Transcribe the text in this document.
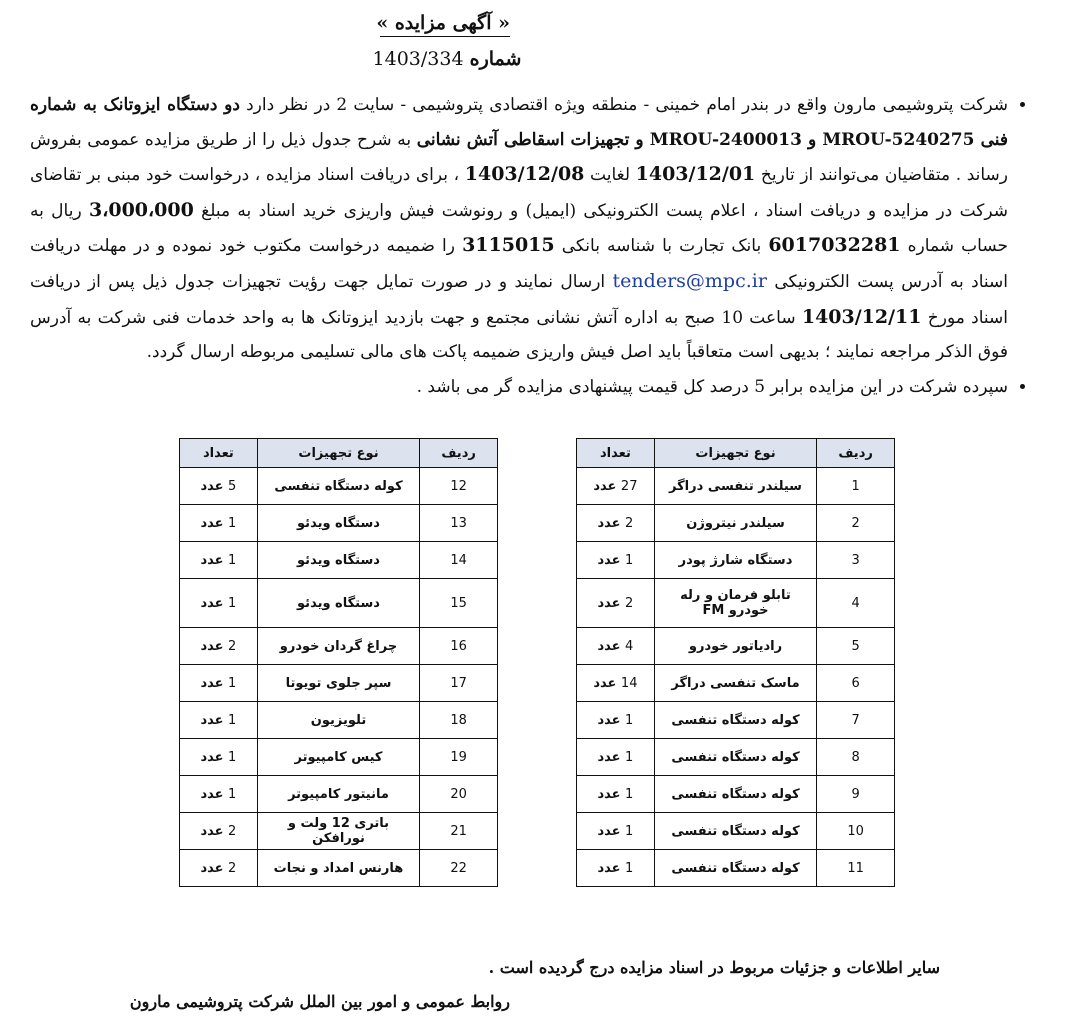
« آگهی مزایده »
شماره 1403/334
• شرکت پتروشیمی مارون واقع در بندر امام خمینی - منطقه ویژه اقتصادی پتروشیمی - سایت 2 در نظر دارد دو دستگاه ایزوتانک به شماره فنی MROU-5240275 و MROU-2400013 و تجهیزات اسقاطی آتش نشانی به شرح جدول ذیل را از طریق مزایده عمومی بفروش رساند . متقاضیان می‌توانند از تاریخ 1403/12/01 لغایت 1403/12/08 ، برای دریافت اسناد مزایده ، درخواست خود مبنی بر تقاضای شرکت در مزایده و دریافت اسناد ، اعلام پست الکترونیکی (ایمیل) و رونوشت فیش واریزی خرید اسناد به مبلغ 3،000،000 ریال به حساب شماره 6017032281 بانک تجارت با شناسه بانکی 3115015 را ضمیمه درخواست مکتوب خود نموده و در مهلت دریافت اسناد به آدرس پست الکترونیکی tenders@mpc.ir ارسال نمایند و در صورت تمایل جهت رؤیت تجهیزات جدول ذیل پس از دریافت اسناد مورخ 1403/12/11 ساعت 10 صبح به اداره آتش نشانی مجتمع و جهت بازدید ایزوتانک ها به واحد خدمات فنی شرکت به آدرس فوق الذکر مراجعه نمایند ؛ بدیهی است متعاقباً باید اصل فیش واریزی ضمیمه پاکت های مالی تسلیمی مربوطه ارسال گردد.
• سپرده شرکت در این مزایده برابر 5 درصد کل قیمت پیشنهادی مزایده گر می باشد .
ردیف	نوع تجهیزات	تعداد
1	سیلندر تنفسی دراگر	27 عدد
2	سیلندر نیتروژن	2 عدد
3	دستگاه شارژ پودر	1 عدد
4	تابلو فرمان و رله خودرو FM	2 عدد
5	رادیاتور خودرو	4 عدد
6	ماسک تنفسی دراگر	14 عدد
7	کوله دستگاه تنفسی	1 عدد
8	کوله دستگاه تنفسی	1 عدد
9	کوله دستگاه تنفسی	1 عدد
10	کوله دستگاه تنفسی	1 عدد
11	کوله دستگاه تنفسی	1 عدد
ردیف	نوع تجهیزات	تعداد
12	کوله دستگاه تنفسی	5 عدد
13	دستگاه ویدئو	1 عدد
14	دستگاه ویدئو	1 عدد
15	دستگاه ویدئو	1 عدد
16	چراغ گردان خودرو	2 عدد
17	سپر جلوی تویوتا	1 عدد
18	تلویزیون	1 عدد
19	کیس کامپیوتر	1 عدد
20	مانیتور کامپیوتر	1 عدد
21	باتری 12 ولت و نورافکن	2 عدد
22	هارنس امداد و نجات	2 عدد
سایر اطلاعات و جزئیات مربوط در اسناد مزایده درج گردیده است .
روابط عمومی و امور بین الملل شرکت پتروشیمی مارون
